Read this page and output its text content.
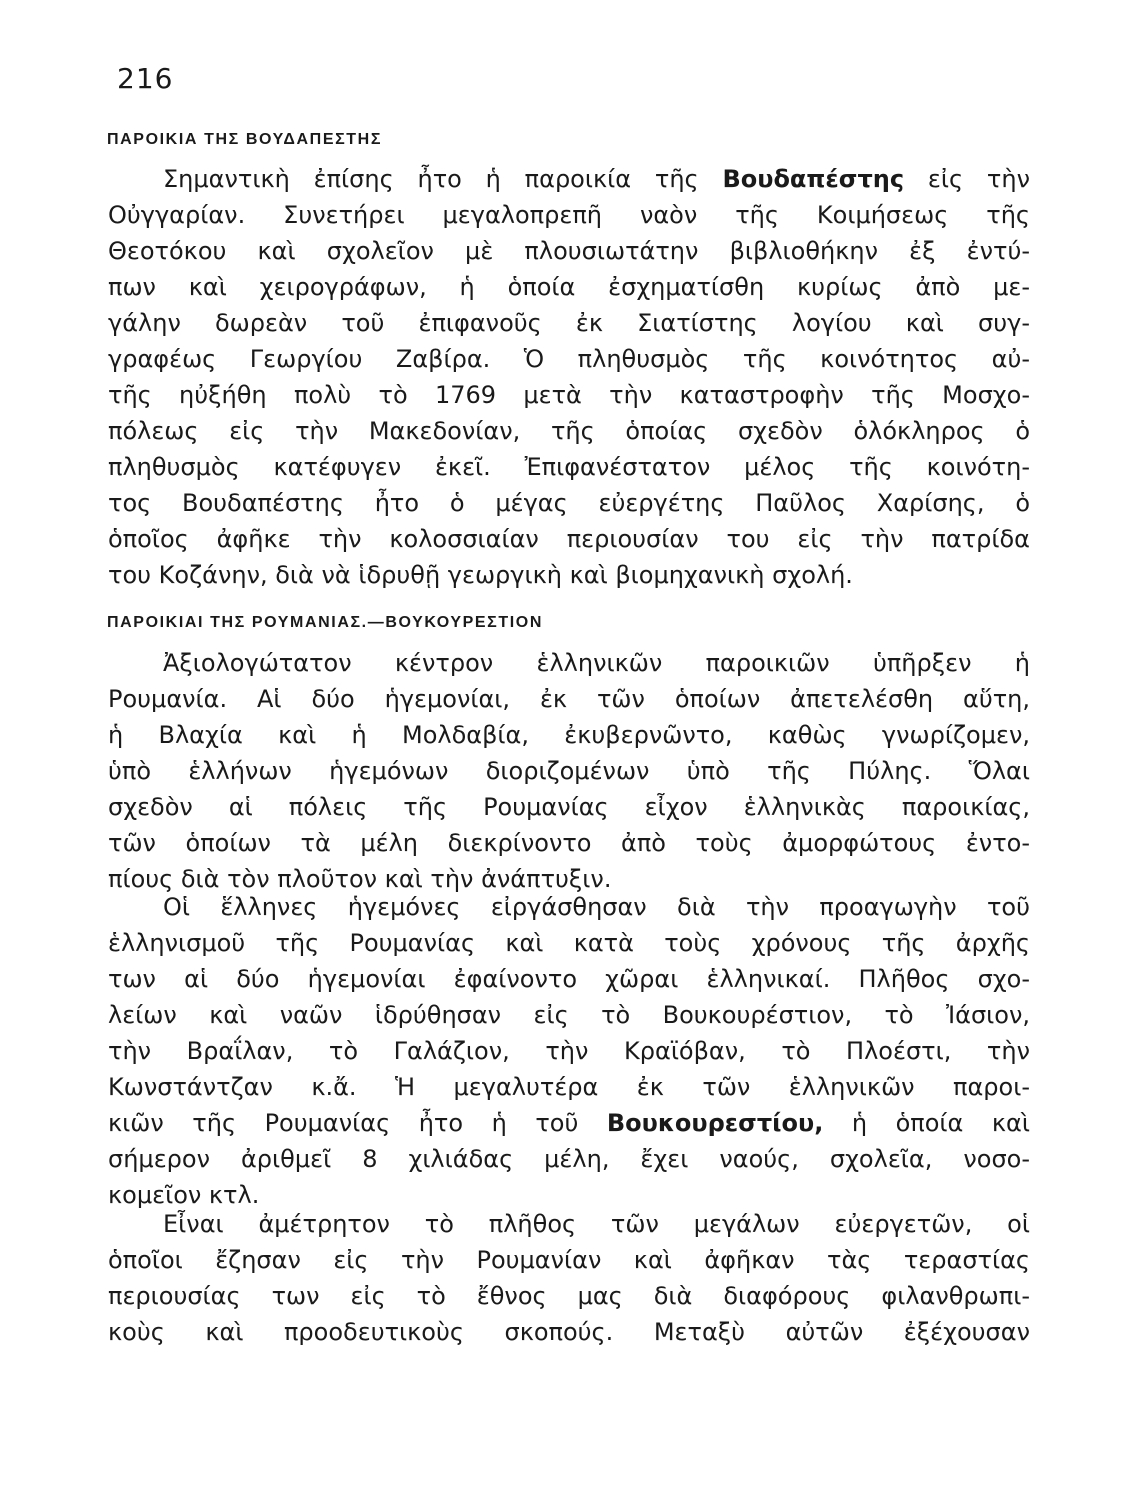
216
ΠΑΡΟΙΚΙΑ ΤΗΣ ΒΟΥΔΑΠΕΣΤΗΣ
Σημαντικὴ ἐπίσης ἦτο ἡ παροικία τῆς Βουδαπέστης εἰς τὴν
Οὐγγαρίαν. Συνετήρει μεγαλοπρεπῆ ναὸν τῆς Κοιμήσεως τῆς
Θεοτόκου καὶ σχολεῖον μὲ πλουσιωτάτην βιβλιοθήκην ἐξ ἐντύ-
πων καὶ χειρογράφων, ἡ ὁποία ἐσχηματίσθη κυρίως ἀπὸ με-
γάλην δωρεὰν τοῦ ἐπιφανοῦς ἐκ Σιατίστης λογίου καὶ συγ-
γραφέως Γεωργίου Ζαβίρα. Ὁ πληθυσμὸς τῆς κοινότητος αὐ-
τῆς ηὐξήθη πολὺ τὸ 1769 μετὰ τὴν καταστροφὴν τῆς Μοσχο-
πόλεως εἰς τὴν Μακεδονίαν, τῆς ὁποίας σχεδὸν ὁλόκληρος ὁ
πληθυσμὸς κατέφυγεν ἐκεῖ. Ἐπιφανέστατον μέλος τῆς κοινότη-
τος Βουδαπέστης ἦτο ὁ μέγας εὐεργέτης Παῦλος Χαρίσης, ὁ
ὁποῖος ἀφῆκε τὴν κολοσσιαίαν περιουσίαν του εἰς τὴν πατρίδα
του Κοζάνην, διὰ νὰ ἱδρυθῇ γεωργικὴ καὶ βιομηχανικὴ σχολή.
ΠΑΡΟΙΚΙΑΙ ΤΗΣ ΡΟΥΜΑΝΙΑΣ.—ΒΟΥΚΟΥΡΕΣΤΙΟΝ
Ἀξιολογώτατον κέντρον ἑλληνικῶν παροικιῶν ὑπῆρξεν ἡ
Ρουμανία. Αἱ δύο ἡγεμονίαι, ἐκ τῶν ὁποίων ἀπετελέσθη αὕτη,
ἡ Βλαχία καὶ ἡ Μολδαβία, ἐκυβερνῶντο, καθὼς γνωρίζομεν,
ὑπὸ ἑλλήνων ἡγεμόνων διοριζομένων ὑπὸ τῆς Πύλης. Ὅλαι
σχεδὸν αἱ πόλεις τῆς Ρουμανίας εἶχον ἑλληνικὰς παροικίας,
τῶν ὁποίων τὰ μέλη διεκρίνοντο ἀπὸ τοὺς ἀμορφώτους ἐντο-
πίους διὰ τὸν πλοῦτον καὶ τὴν ἀνάπτυξιν.
Οἱ ἕλληνες ἡγεμόνες εἰργάσθησαν διὰ τὴν προαγωγὴν τοῦ
ἑλληνισμοῦ τῆς Ρουμανίας καὶ κατὰ τοὺς χρόνους τῆς ἀρχῆς
των αἱ δύο ἡγεμονίαι ἐφαίνοντο χῶραι ἑλληνικαί. Πλῆθος σχο-
λείων καὶ ναῶν ἱδρύθησαν εἰς τὸ Βουκουρέστιον, τὸ Ἰάσιον,
τὴν Βραΐλαν, τὸ Γαλάζιον, τὴν Κραϊόβαν, τὸ Πλοέστι, τὴν
Κωνστάντζαν κ.ἄ. Ἡ μεγαλυτέρα ἐκ τῶν ἑλληνικῶν παροι-
κιῶν τῆς Ρουμανίας ἦτο ἡ τοῦ Βουκουρεστίου, ἡ ὁποία καὶ
σήμερον ἀριθμεῖ 8 χιλιάδας μέλη, ἔχει ναούς, σχολεῖα, νοσο-
κομεῖον κτλ.
Εἶναι ἀμέτρητον τὸ πλῆθος τῶν μεγάλων εὐεργετῶν, οἱ
ὁποῖοι ἔζησαν εἰς τὴν Ρουμανίαν καὶ ἀφῆκαν τὰς τεραστίας
περιουσίας των εἰς τὸ ἔθνος μας διὰ διαφόρους φιλανθρωπι-
κοὺς καὶ προοδευτικοὺς σκοπούς. Μεταξὺ αὐτῶν ἐξέχουσαν
